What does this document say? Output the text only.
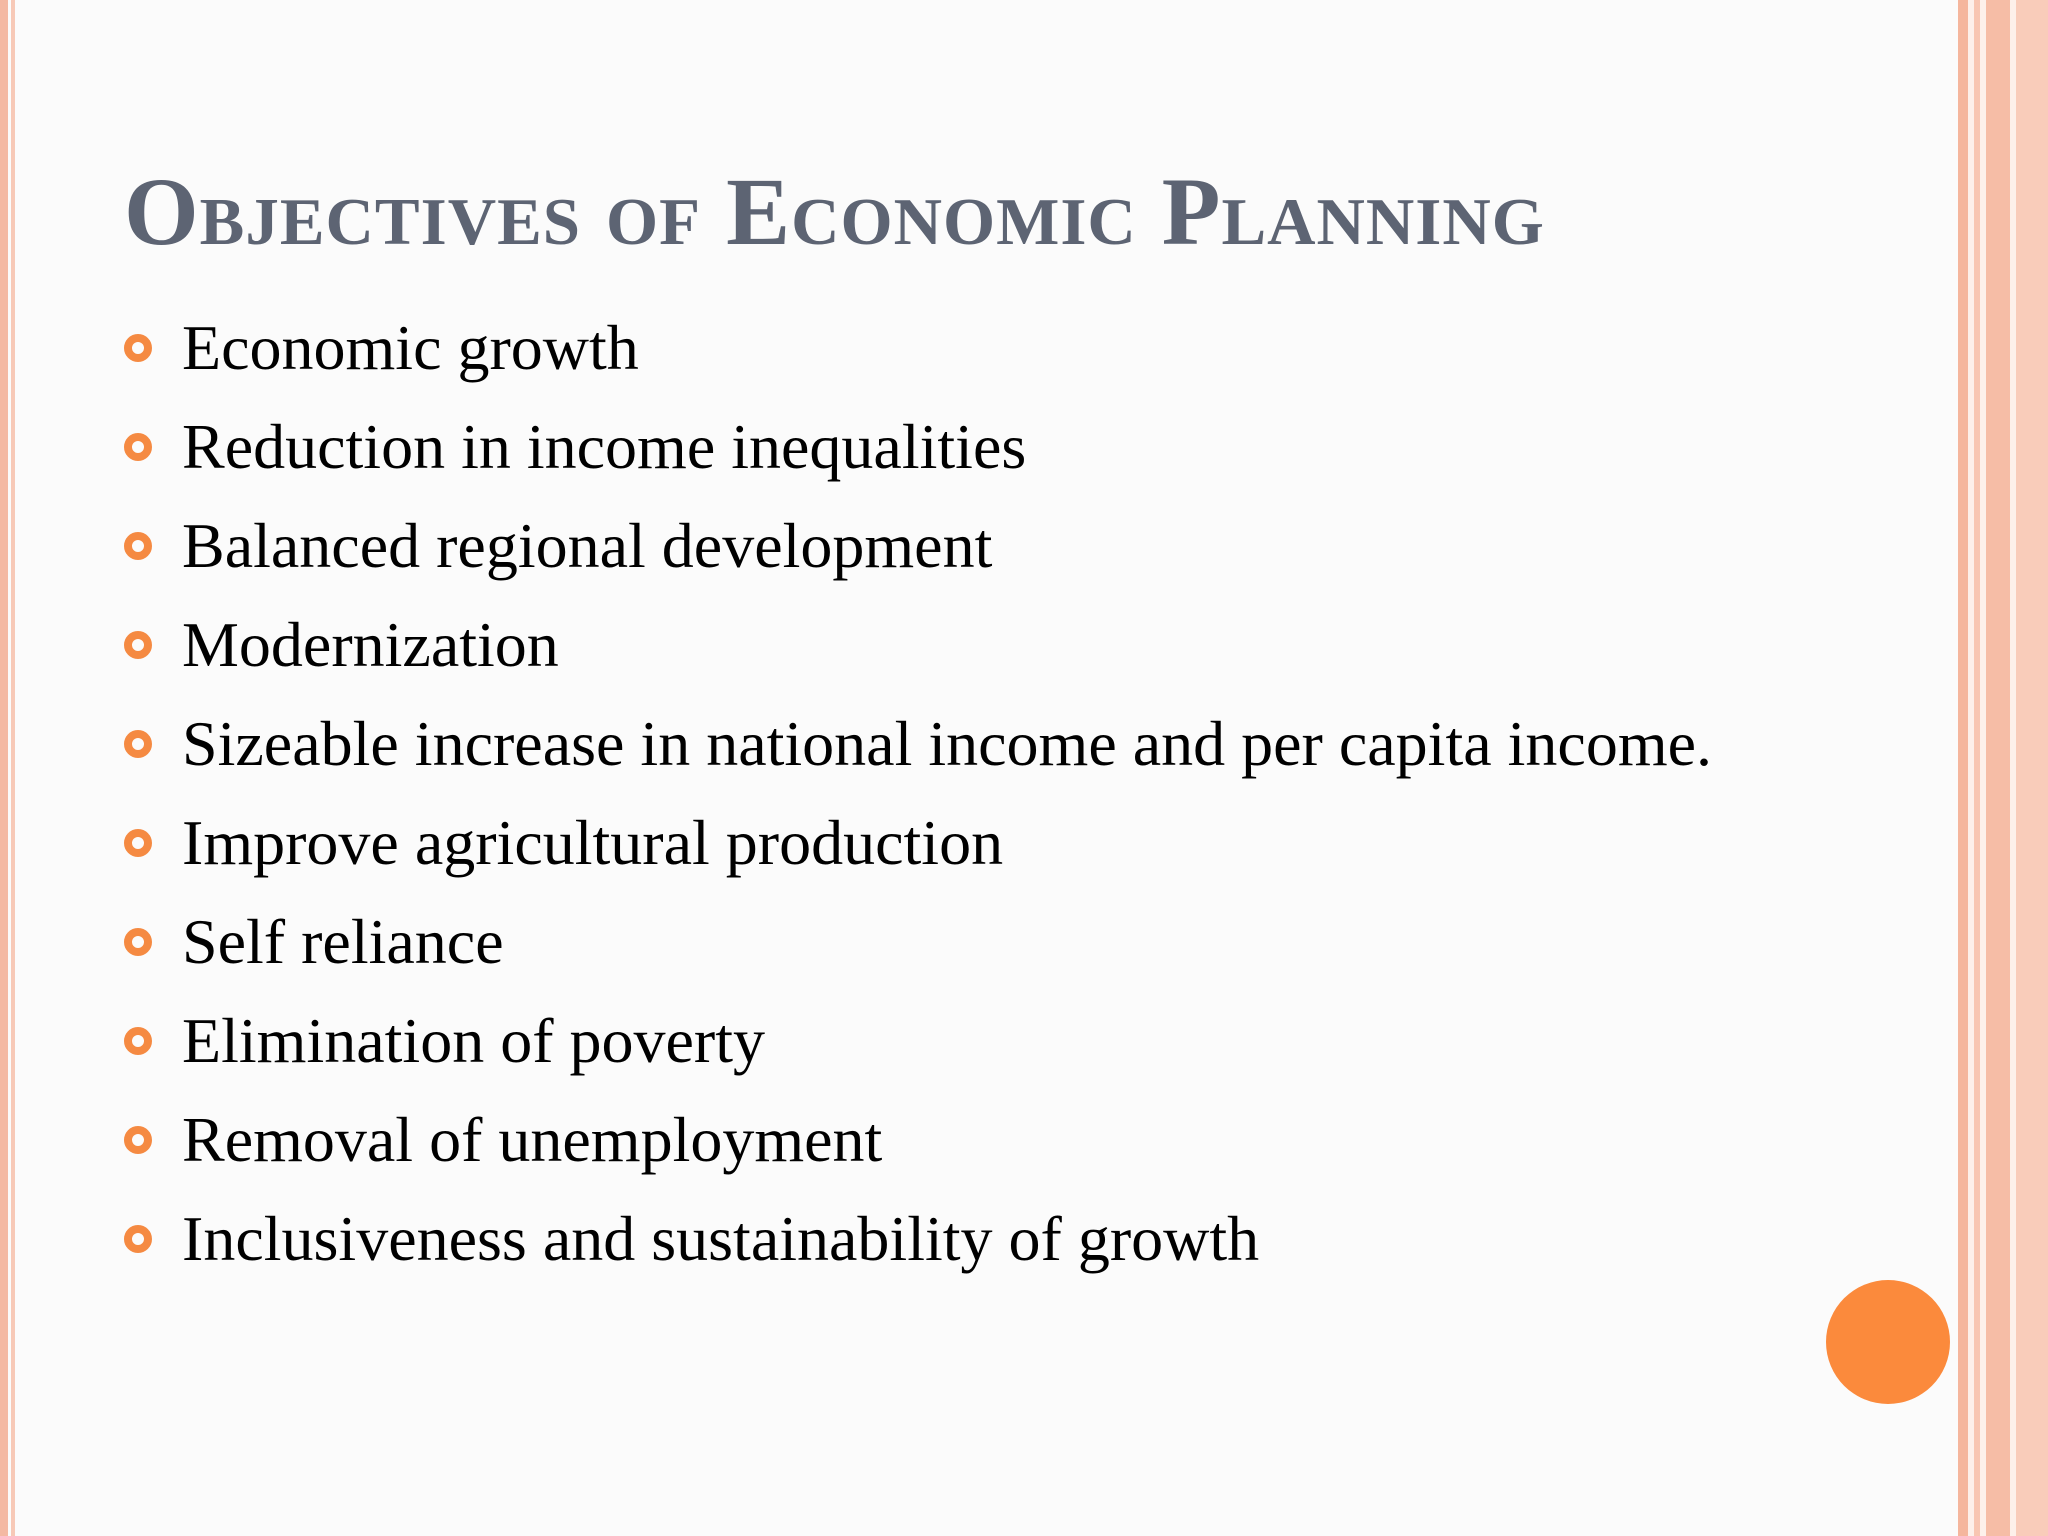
Objectives of Economic Planning
Economic growth
Reduction in income inequalities
Balanced regional development
Modernization
Sizeable increase in national income and per capita income.
Improve agricultural production
Self reliance
Elimination of poverty
Removal of unemployment
Inclusiveness and sustainability of growth
